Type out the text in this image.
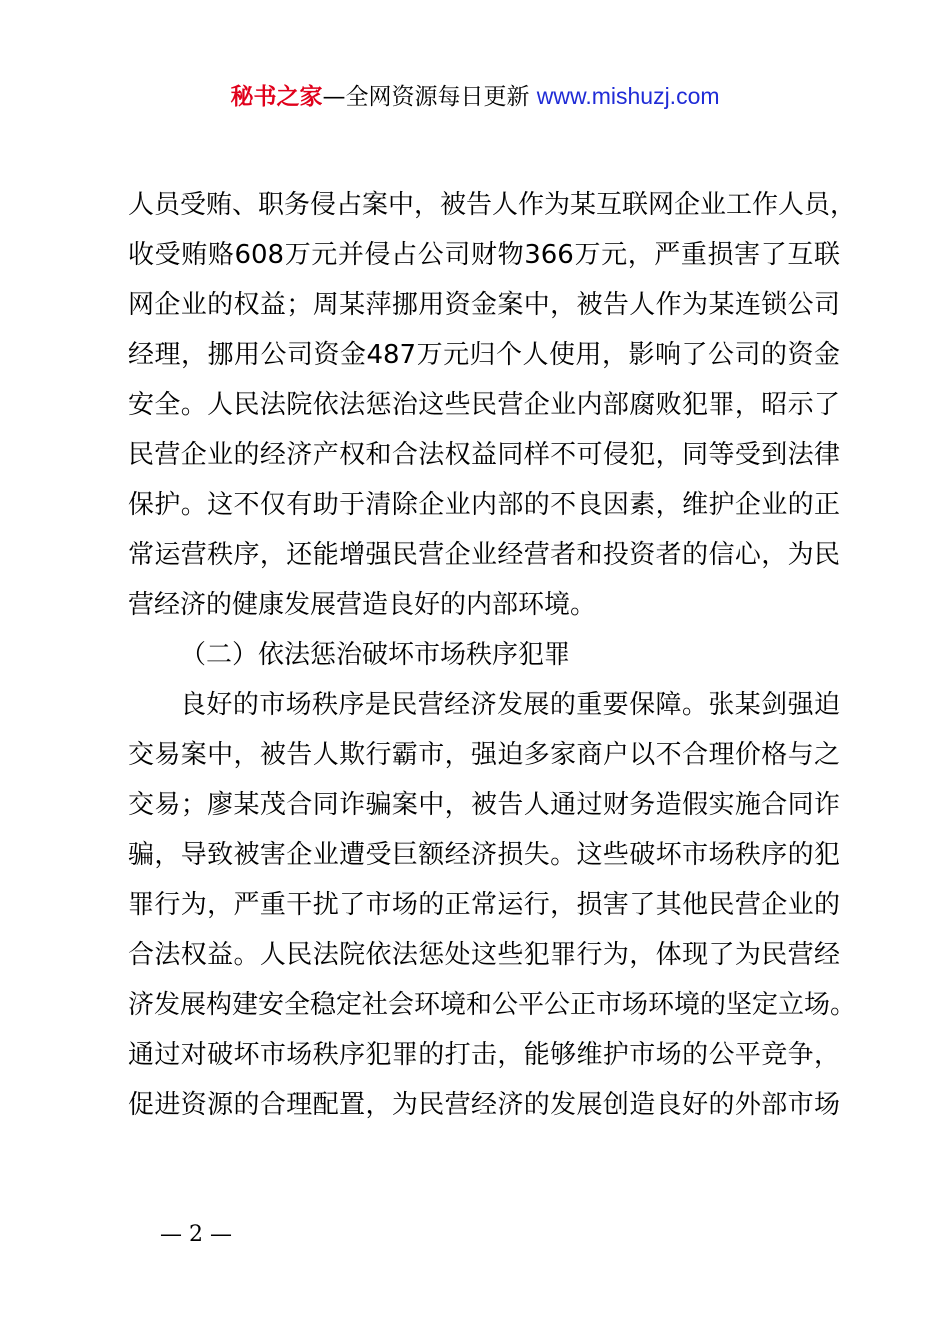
秘书之家—全网资源每日更新 www.mishuzj.com
人员受贿、职务侵占案中，被告人作为某互联网企业工作人员，
收受贿赂608万元并侵占公司财物366万元，严重损害了互联
网企业的权益；周某萍挪用资金案中，被告人作为某连锁公司
经理，挪用公司资金487万元归个人使用，影响了公司的资金
安全。人民法院依法惩治这些民营企业内部腐败犯罪，昭示了
民营企业的经济产权和合法权益同样不可侵犯，同等受到法律
保护。这不仅有助于清除企业内部的不良因素，维护企业的正
常运营秩序，还能增强民营企业经营者和投资者的信心，为民
营经济的健康发展营造良好的内部环境。
（二）依法惩治破坏市场秩序犯罪
良好的市场秩序是民营经济发展的重要保障。张某剑强迫
交易案中，被告人欺行霸市，强迫多家商户以不合理价格与之
交易；廖某茂合同诈骗案中，被告人通过财务造假实施合同诈
骗，导致被害企业遭受巨额经济损失。这些破坏市场秩序的犯
罪行为，严重干扰了市场的正常运行，损害了其他民营企业的
合法权益。人民法院依法惩处这些犯罪行为，体现了为民营经
济发展构建安全稳定社会环境和公平公正市场环境的坚定立场。
通过对破坏市场秩序犯罪的打击，能够维护市场的公平竞争，
促进资源的合理配置，为民营经济的发展创造良好的外部市场
— 2 —
